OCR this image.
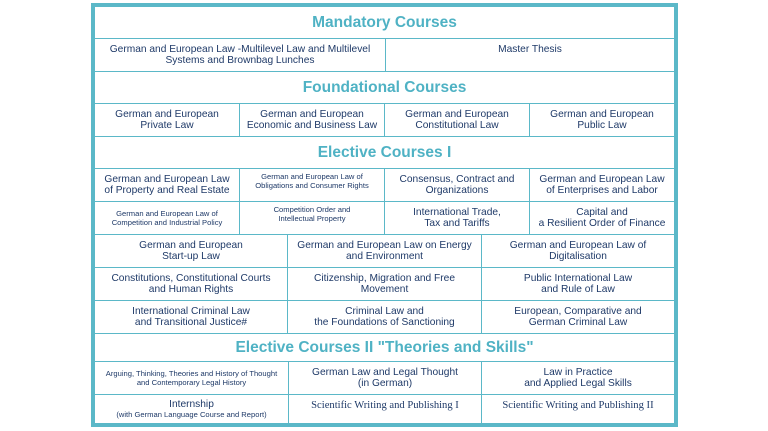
Mandatory Courses
German and European Law -Multilevel Law and Multilevel
Systems and Brownbag Lunches
Master Thesis
Foundational Courses
German and European
Private Law
German and European
Economic and Business Law
German and European
Constitutional Law
German and European
Public Law
Elective Courses I
German and European Law
of Property and Real Estate
German and European Law of
Obligations and Consumer Rights
Consensus, Contract and
Organizations
German and European Law
of Enterprises and Labor
German and European Law of
Competition and Industrial Policy
Competition Order and
Intellectual Property
International Trade,
Tax and Tariffs
Capital and
a Resilient Order of Finance
German and European
Start-up Law
German and European Law on Energy
and Environment
German and European Law of
Digitalisation
Constitutions, Constitutional Courts
and Human Rights
Citizenship, Migration and Free
Movement
Public International Law
and Rule of Law
International Criminal Law
and Transitional Justice#
Criminal Law and
the Foundations of Sanctioning
European, Comparative and
German Criminal Law
Elective Courses II "Theories and Skills"
Arguing, Thinking, Theories and History of Thought
and Contemporary Legal History
German Law and Legal Thought
(in German)
Law in Practice
and Applied Legal Skills
Internship
(with German Language Course and Report)
Scientific Writing and Publishing I	Scientific Writing and Publishing II
